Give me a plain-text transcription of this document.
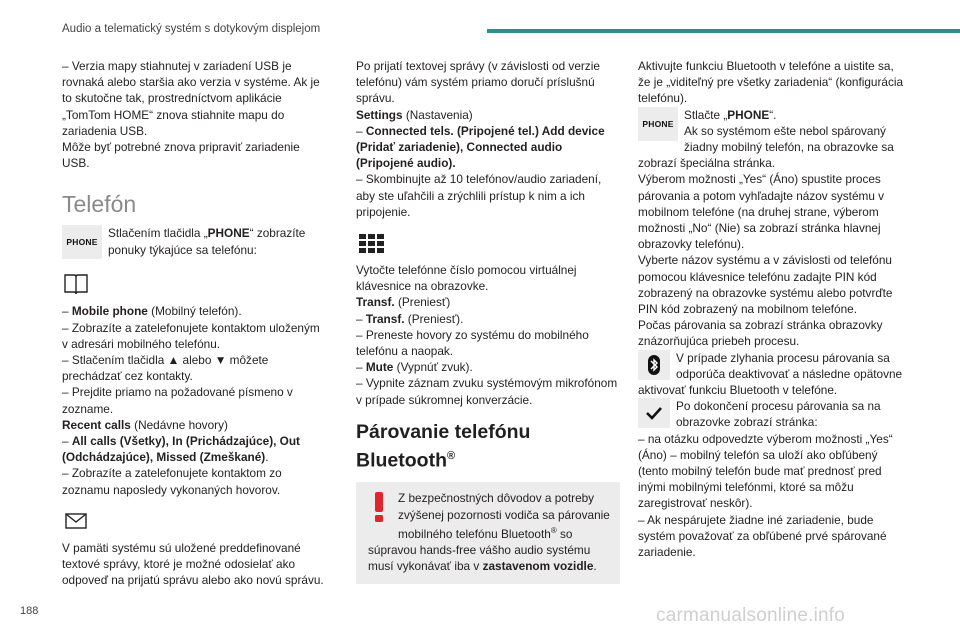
Audio a telematický systém s dotykovým displejom

– Verzia mapy stiahnutej v zariadení USB je rovnaká alebo staršia ako verzia v systéme. Ak je to skutočne tak, prostredníctvom aplikácie „TomTom HOME“ znova stiahnite mapu do zariadenia USB.

Môže byť potrebné znova pripraviť zariadenie USB.

Telefón
PHONE

Stlačením tlačidla „PHONE“ zobrazíte ponuky týkajúce sa telefónu:

– Mobile phone (Mobilný telefón).

– Zobrazíte a zatelefonujete kontaktom uloženým v adresári mobilného telefónu.

– Stlačením tlačidla ▲ alebo ▼ môžete prechádzať cez kontakty.

– Prejdite priamo na požadované písmeno v zozname.

Recent calls (Nedávne hovory)

– All calls (Všetky), In (Prichádzajúce), Out (Odchádzajúce), Missed (Zmeškané).

– Zobrazíte a zatelefonujete kontaktom zo zoznamu naposledy vykonaných hovorov.

V pamäti systému sú uložené preddefinované textové správy, ktoré je možné odosielať ako odpoveď na prijatú správu alebo ako novú správu.

Po prijatí textovej správy (v závislosti od verzie telefónu) vám systém priamo doručí príslušnú správu.

Settings (Nastavenia)

– Connected tels. (Pripojené tel.) Add device (Pridať zariadenie), Connected audio (Pripojené audio).

– Skombinujte až 10 telefónov/audio zariadení, aby ste uľahčili a zrýchlili prístup k nim a ich pripojenie.

Vytočte telefónne číslo pomocou virtuálnej klávesnice na obrazovke.

Transf. (Preniesť)

– Transf. (Preniesť).

– Preneste hovory zo systému do mobilného telefónu a naopak.

– Mute (Vypnúť zvuk).

– Vypnite záznam zvuku systémovým mikrofónom v prípade súkromnej konverzácie.

Párovanie telefónu Bluetooth®

Z bezpečnostných dôvodov a potreby zvýšenej pozornosti vodiča sa párovanie mobilného telefónu Bluetooth® so súpravou hands-free vášho audio systému musí vykonávať iba v zastavenom vozidle.

Aktivujte funkciu Bluetooth v telefóne a uistite sa, že je „viditeľný pre všetky zariadenia“ (konfigurácia telefónu).

PHONE

Stlačte „PHONE“.

Ak so systémom ešte nebol spárovaný žiadny mobilný telefón, na obrazovke sa zobrazí špeciálna stránka.

Výberom možnosti „Yes“ (Áno) spustite proces párovania a potom vyhľadajte názov systému v mobilnom telefóne (na druhej strane, výberom možnosti „No“ (Nie) sa zobrazí stránka hlavnej obrazovky telefónu).

Vyberte názov systému a v závislosti od telefónu pomocou klávesnice telefónu zadajte PIN kód zobrazený na obrazovke systému alebo potvrďte PIN kód zobrazený na mobilnom telefóne.

Počas párovania sa zobrazí stránka obrazovky znázorňujúca priebeh procesu.

V prípade zlyhania procesu párovania sa odporúča deaktivovať a následne opätovne aktivovať funkciu Bluetooth v telefóne.

Po dokončení procesu párovania sa na obrazovke zobrazí stránka:

– na otázku odpovedzte výberom možnosti „Yes“ (Áno) – mobilný telefón sa uloží ako obľúbený (tento mobilný telefón bude mať prednosť pred inými mobilnými telefónmi, ktoré sa môžu zaregistrovať neskôr).

– Ak nespárujete žiadne iné zariadenie, bude systém považovať za obľúbené prvé spárované zariadenie.

188	carmanualsonline.info
